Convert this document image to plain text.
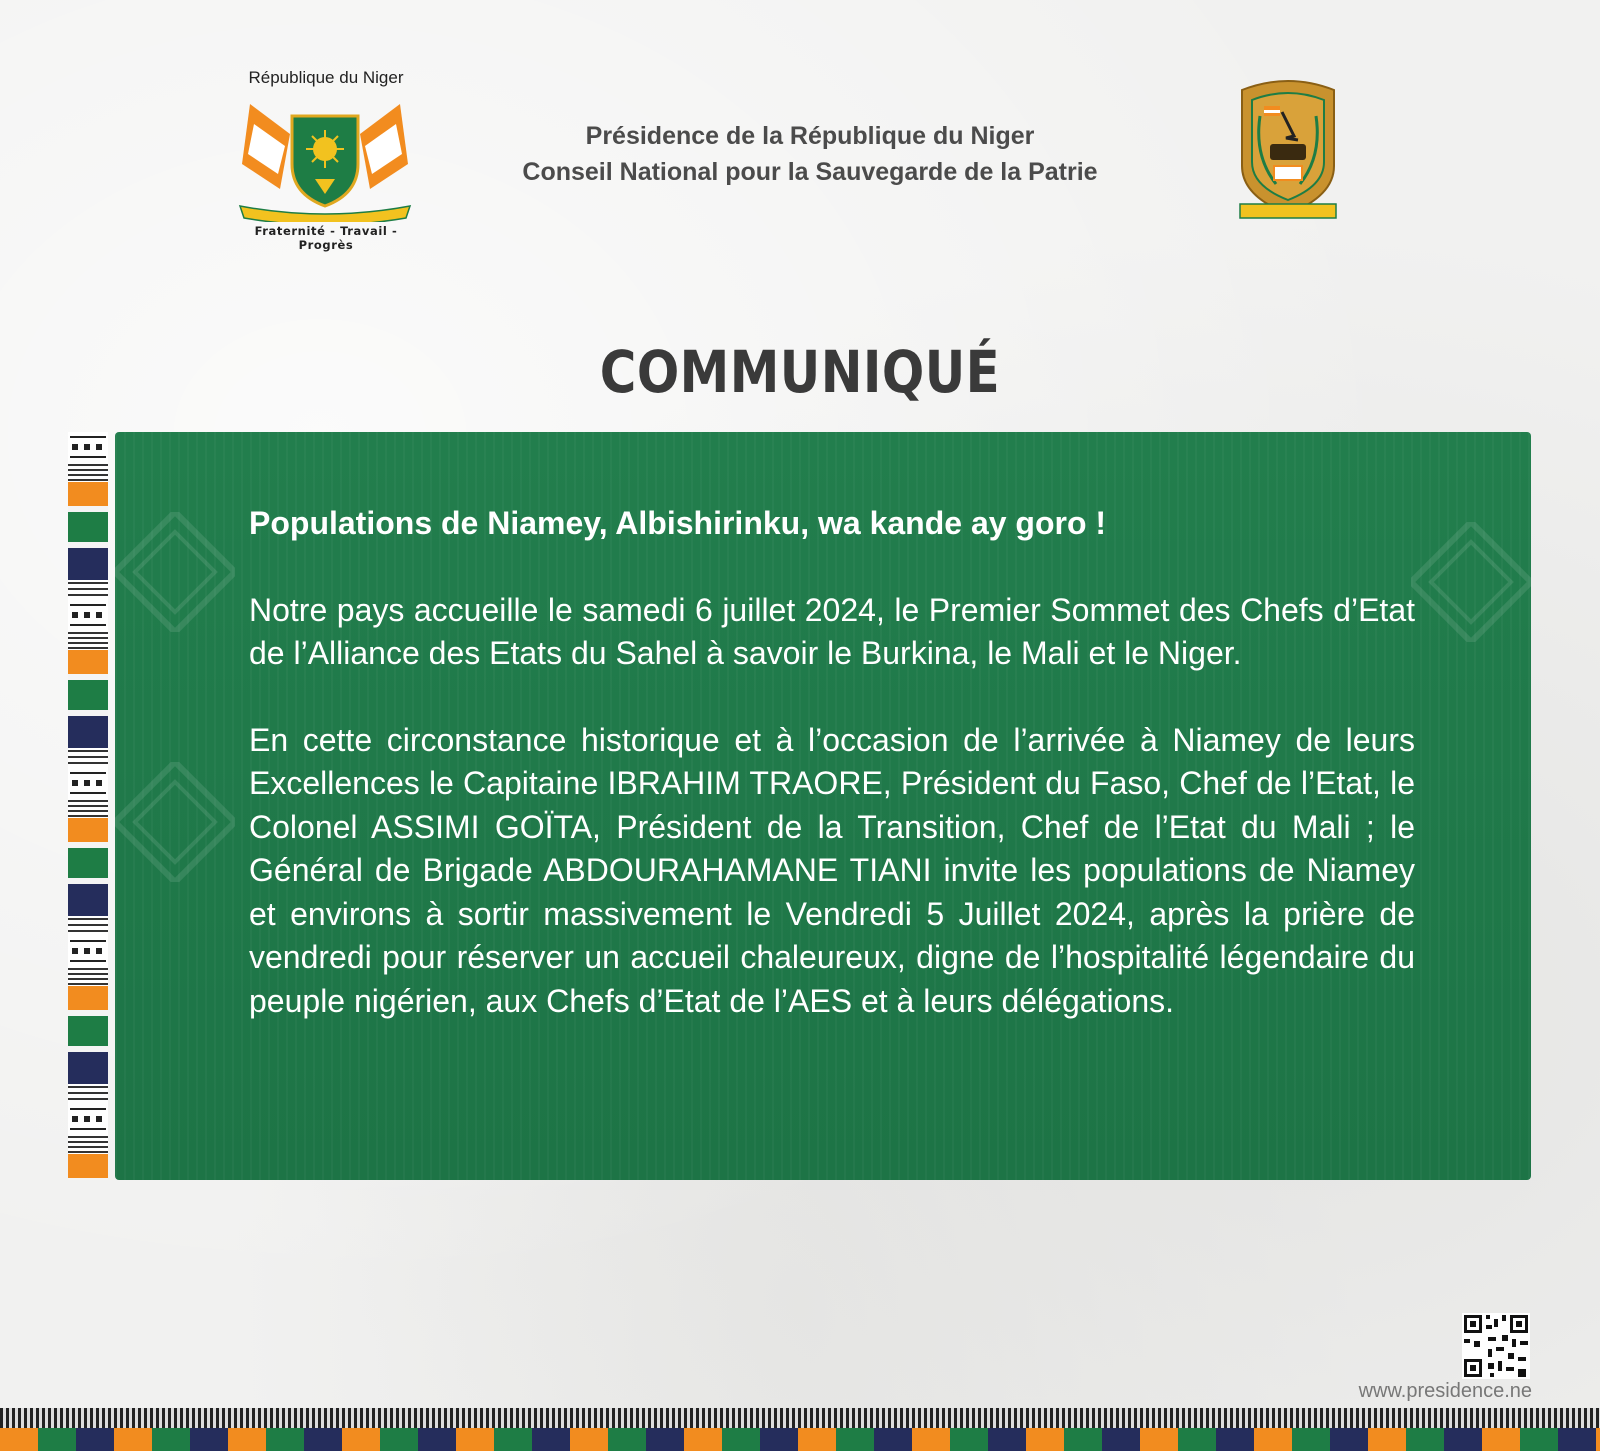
République du Niger
Fraternité - Travail - Progrès
Présidence de la République du Niger
Conseil National pour la Sauvegarde de la Patrie
COMMUNIQUÉ
Populations de Niamey, Albishirinku, wa kande ay goro !

Notre pays accueille le samedi 6 juillet 2024, le Premier Sommet des Chefs d’Etat de l’Alliance des Etats du Sahel à savoir le Burkina, le Mali et le Niger.

En cette circonstance historique et à l’occasion de l’arrivée à Niamey de leurs Excellences le Capitaine IBRAHIM TRAORE, Président du Faso, Chef de l’Etat, le Colonel ASSIMI GOÏTA, Président de la Transition, Chef de l’Etat du Mali ; le Général de Brigade ABDOURAHAMANE TIANI invite les populations de Niamey et environs à sortir massivement le Vendredi 5 Juillet 2024, après la prière de vendredi pour réserver un accueil chaleureux, digne de l’hospitalité légendaire du peuple nigérien, aux Chefs d’Etat de l’AES et à leurs délégations.

www.presidence.ne
